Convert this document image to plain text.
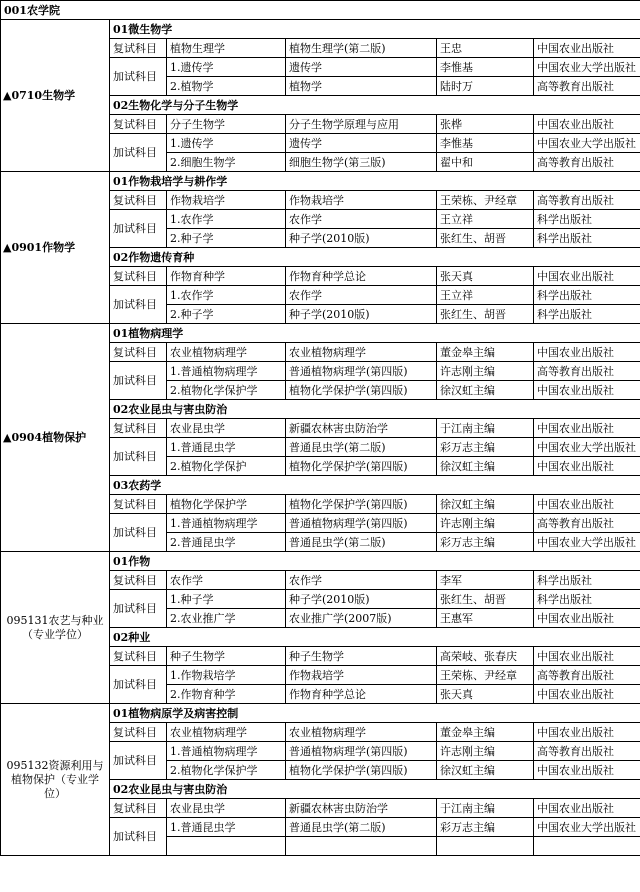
001农学院					
▲0710生物学	01微生物学				
	复试科目	植物生理学	植物生理学(第二版)	王忠	中国农业出版社
	加试科目	1.遗传学	遗传学	李惟基	中国农业大学出版社
		2.植物学	植物学	陆时万	高等教育出版社
	02生物化学与分子生物学				
	复试科目	分子生物学	分子生物学原理与应用	张桦	中国农业出版社
	加试科目	1.遗传学	遗传学	李惟基	中国农业大学出版社
		2.细胞生物学	细胞生物学(第三版)	翟中和	高等教育出版社
▲0901作物学	01作物栽培学与耕作学				
	复试科目	作物栽培学	作物栽培学	王荣栋、尹经章	高等教育出版社
	加试科目	1.农作学	农作学	王立祥	科学出版社
		2.种子学	种子学(2010版)	张红生、胡晋	科学出版社
	02作物遗传育种				
	复试科目	作物育种学	作物育种学总论	张天真	中国农业出版社
	加试科目	1.农作学	农作学	王立祥	科学出版社
		2.种子学	种子学(2010版)	张红生、胡晋	科学出版社
▲0904植物保护	01植物病理学				
	复试科目	农业植物病理学	农业植物病理学	董金皋主编	中国农业出版社
	加试科目	1.普通植物病理学	普通植物病理学(第四版)	许志刚主编	高等教育出版社
		2.植物化学保护学	植物化学保护学(第四版)	徐汉虹主编	中国农业出版社
	02农业昆虫与害虫防治				
	复试科目	农业昆虫学	新疆农林害虫防治学	于江南主编	中国农业出版社
	加试科目	1.普通昆虫学	普通昆虫学(第二版)	彩万志主编	中国农业大学出版社
		2.植物化学保护	植物化学保护学(第四版)	徐汉虹主编	中国农业出版社
	03农药学				
	复试科目	植物化学保护学	植物化学保护学(第四版)	徐汉虹主编	中国农业出版社
	加试科目	1.普通植物病理学	普通植物病理学(第四版)	许志刚主编	高等教育出版社
		2.普通昆虫学	普通昆虫学(第二版)	彩万志主编	中国农业大学出版社
095131农艺与种业（专业学位）	01作物				
	复试科目	农作学	农作学	李军	科学出版社
	加试科目	1.种子学	种子学(2010版)	张红生、胡晋	科学出版社
		2.农业推广学	农业推广学(2007版)	王惠军	中国农业出版社
	02种业				
	复试科目	种子生物学	种子生物学	高荣岐、张春庆	中国农业出版社
	加试科目	1.作物栽培学	作物栽培学	王荣栋、尹经章	高等教育出版社
		2.作物育种学	作物育种学总论	张天真	中国农业出版社
095132资源利用与植物保护（专业学位）	01植物病原学及病害控制				
	复试科目	农业植物病理学	农业植物病理学	董金皋主编	中国农业出版社
	加试科目	1.普通植物病理学	普通植物病理学(第四版)	许志刚主编	高等教育出版社
		2.植物化学保护学	植物化学保护学(第四版)	徐汉虹主编	中国农业出版社
	02农业昆虫与害虫防治				
	复试科目	农业昆虫学	新疆农林害虫防治学	于江南主编	中国农业出版社
	加试科目	1.普通昆虫学	普通昆虫学(第二版)	彩万志主编	中国农业大学出版社
